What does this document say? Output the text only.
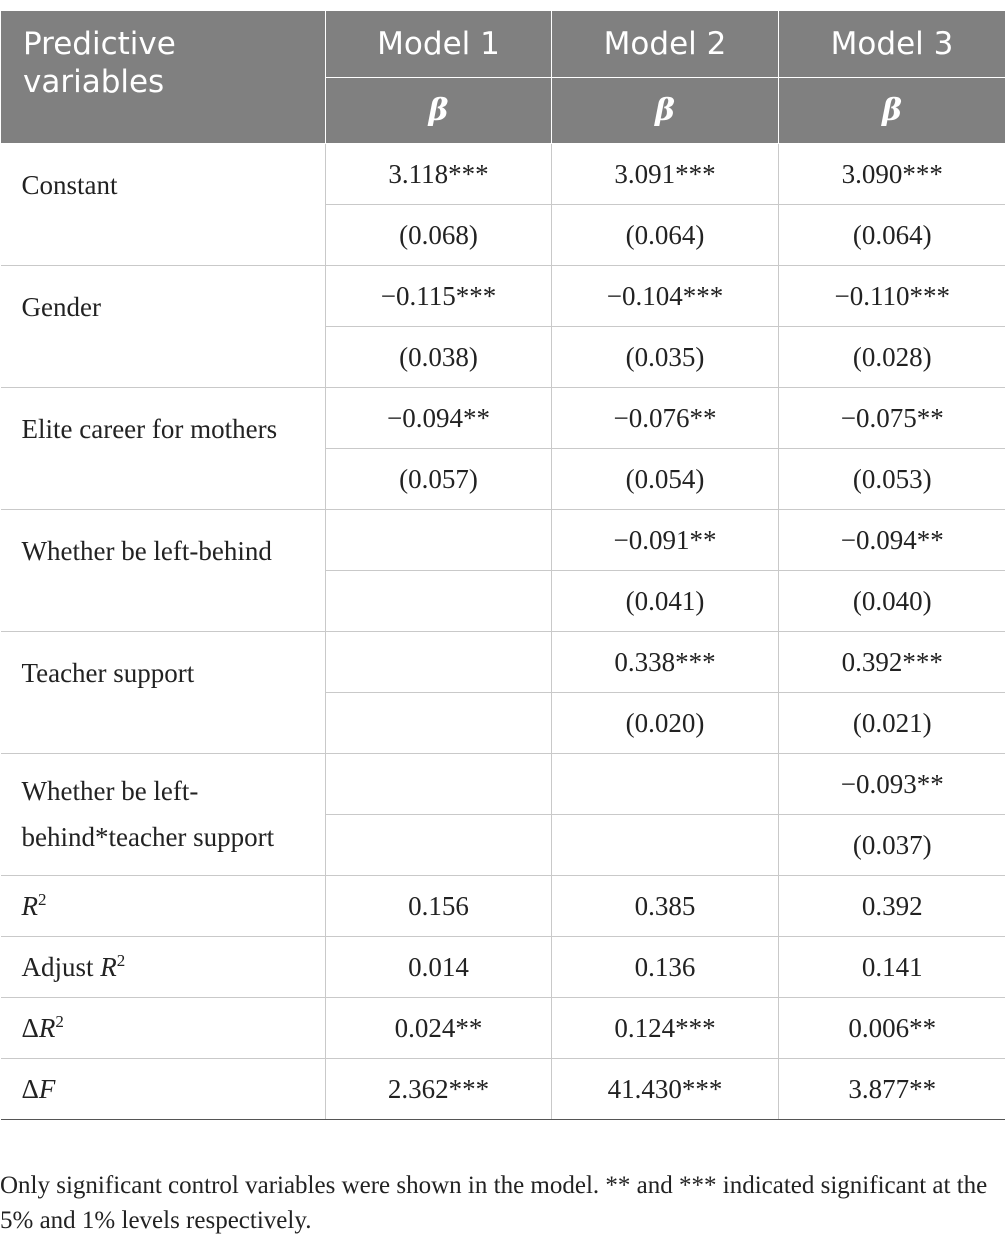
Predictive variables	Model 1	Model 2	Model 3
	β	β	β
Constant	3.118***	3.091***	3.090***
	(0.068)	(0.064)	(0.064)
Gender	−0.115***	−0.104***	−0.110***
	(0.038)	(0.035)	(0.028)
Elite career for mothers	−0.094**	−0.076**	−0.075**
	(0.057)	(0.054)	(0.053)
Whether be left-behind		−0.091**	−0.094**
		(0.041)	(0.040)
Teacher support		0.338***	0.392***
		(0.020)	(0.021)

Whether be left-
behind*teacher support			−0.093**
			(0.037)
$R^2$	0.156	0.385	0.392
Adjust $R^2$	0.014	0.136	0.141
$\Delta R^2$	0.024**	0.124***	0.006**
ΔF	2.362***	41.430***	3.877**

Only significant control variables were shown in the model. ** and *** indicated significant at the 5% and 1% levels respectively.
